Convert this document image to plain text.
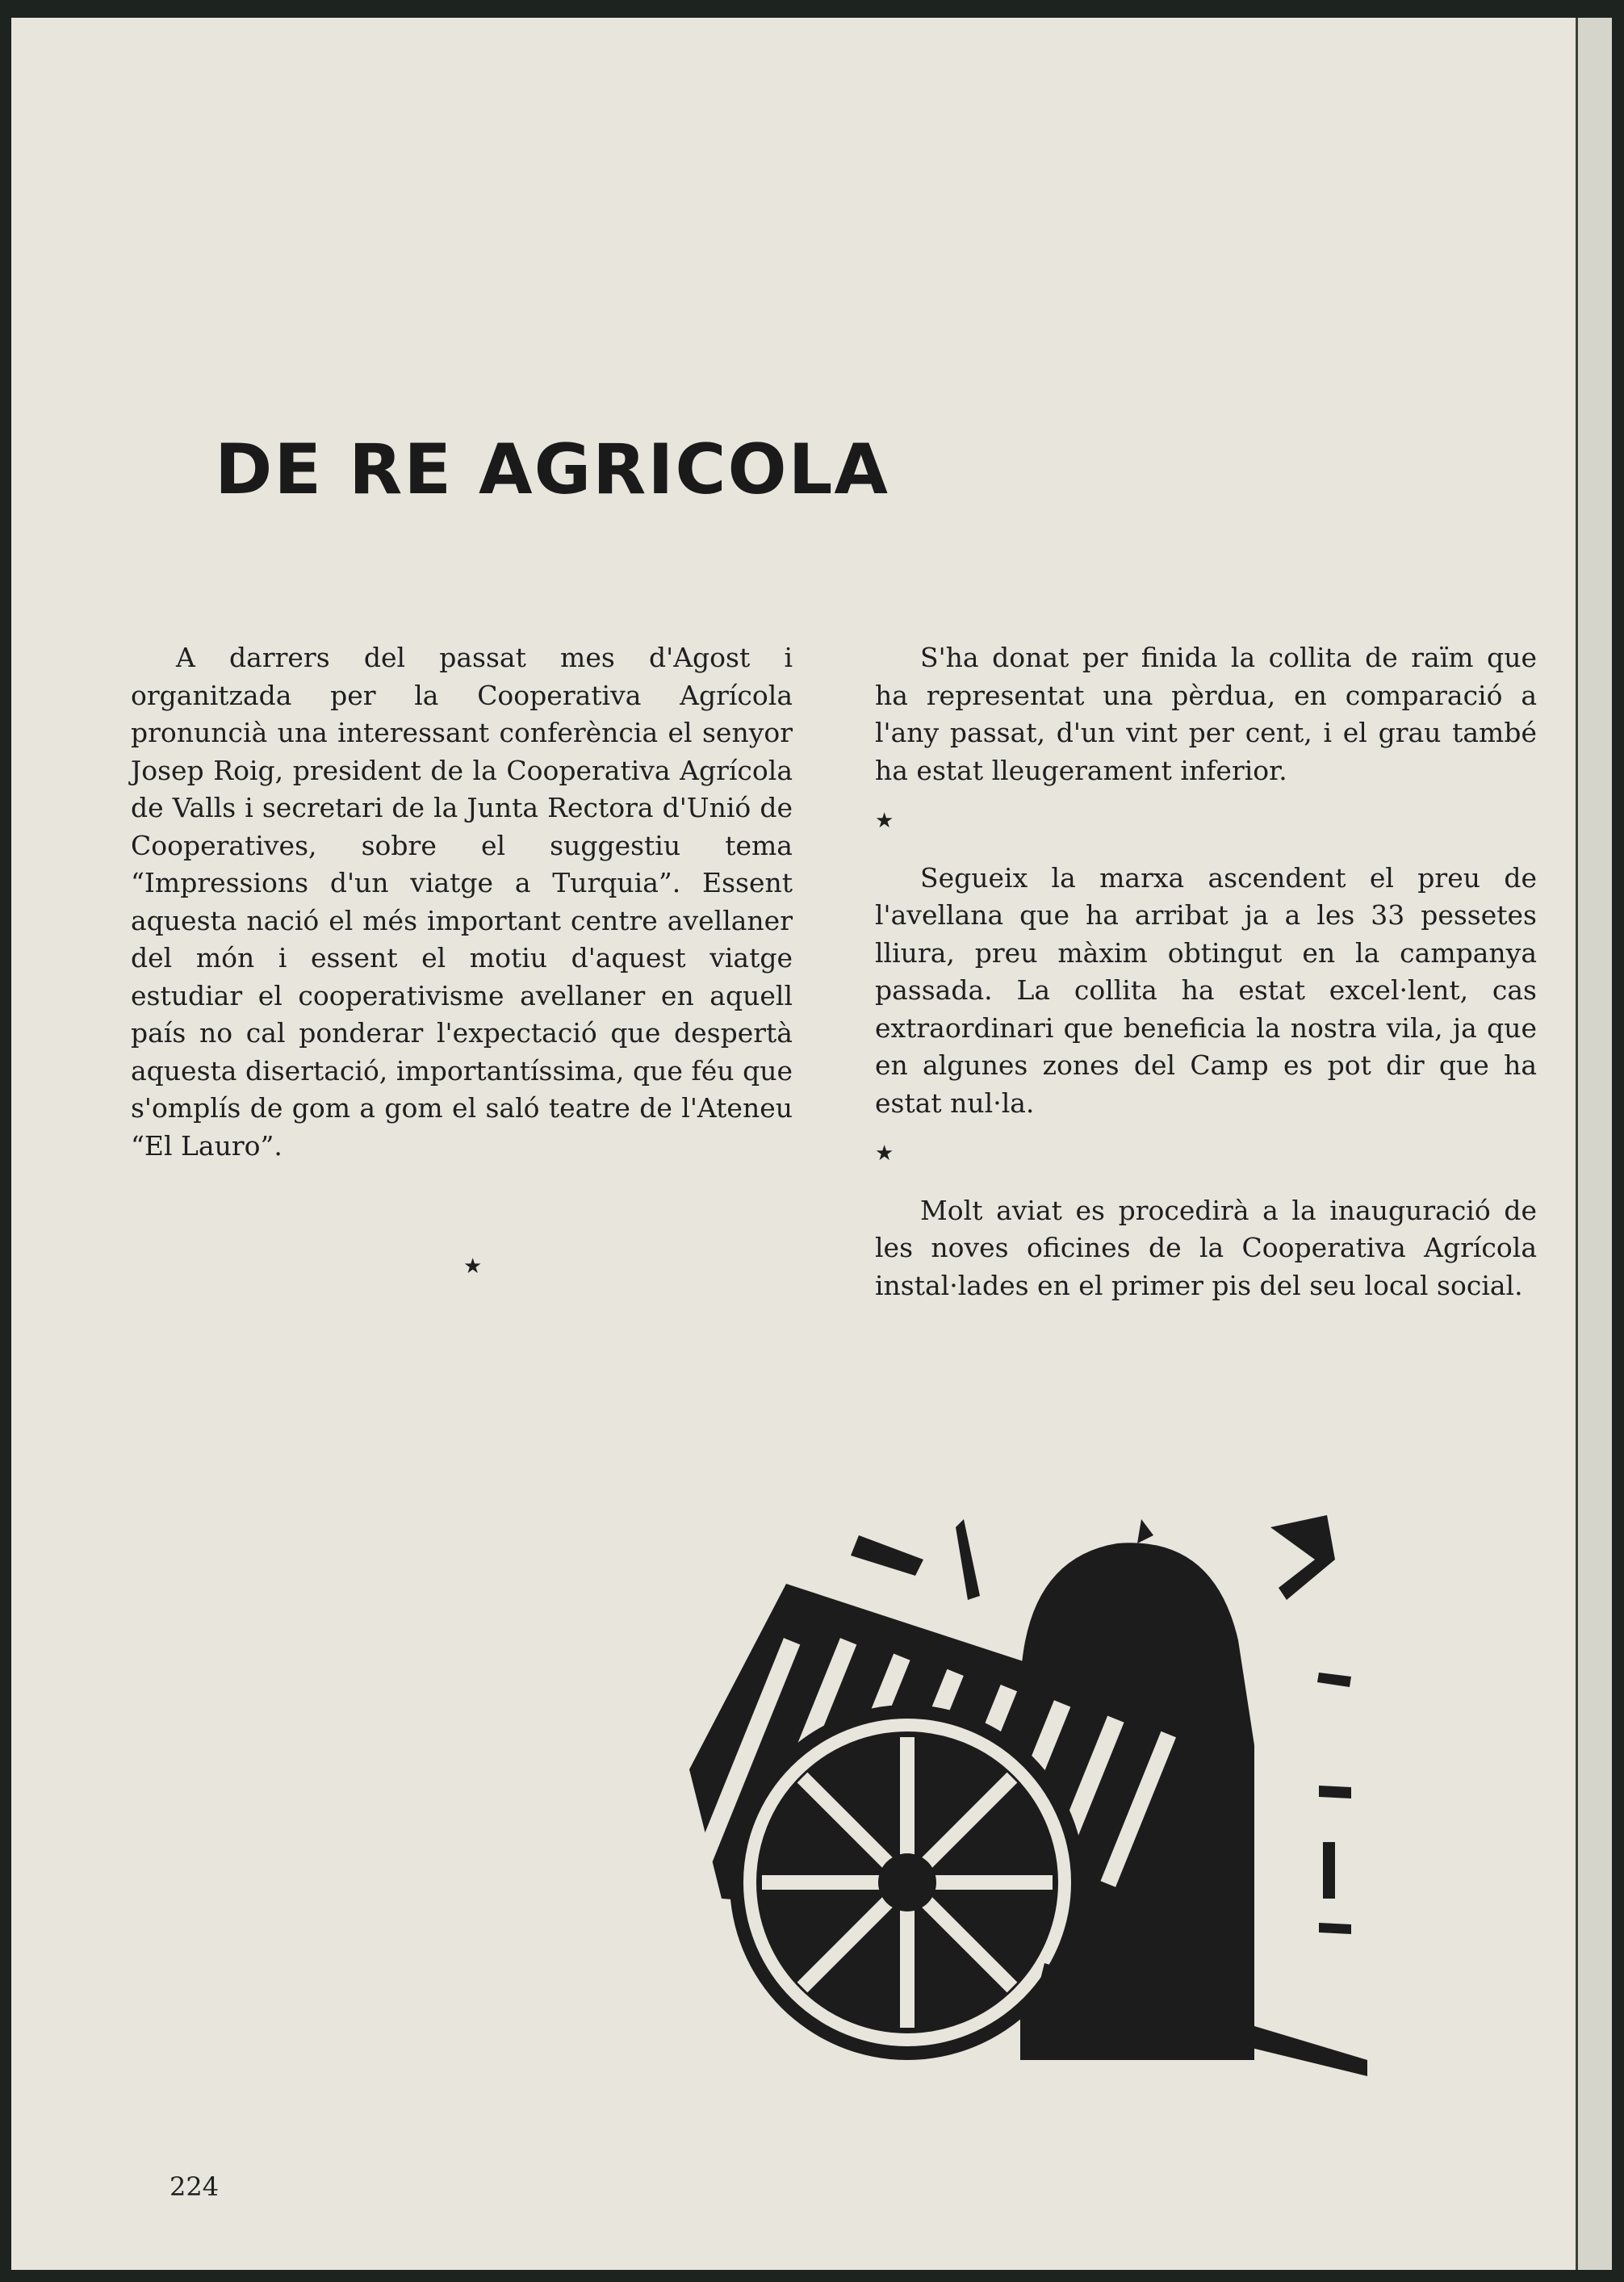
DE RE AGRICOLA

A darrers del passat mes d'Agost i organitzada per la Cooperativa Agrícola pronuncià una interessant conferència el senyor Josep Roig, president de la Cooperativa Agrícola de Valls i secretari de la Junta Rectora d'Unió de Cooperatives, sobre el suggestiu tema “Impressions d'un viatge a Turquia”. Essent aquesta nació el més important centre avellaner del món i essent el motiu d'aquest viatge estudiar el cooperativisme avellaner en aquell país no cal ponderar l'expectació que despertà aquesta disertació, importantíssima, que féu que s'omplís de gom a gom el saló teatre de l'Ateneu “El Lauro”.

★

S'ha donat per finida la collita de raïm que ha representat una pèrdua, en comparació a l'any passat, d'un vint per cent, i el grau també ha estat lleugerament inferior.

★

Segueix la marxa ascendent el preu de l'avellana que ha arribat ja a les 33 pessetes lliura, preu màxim obtingut en la campanya passada. La collita ha estat excel·lent, cas extraordinari que beneficia la nostra vila, ja que en algunes zones del Camp es pot dir que ha estat nul·la.

★

Molt aviat es procedirà a la inauguració de les noves oficines de la Cooperativa Agrícola instal·lades en el primer pis del seu local social.

224
